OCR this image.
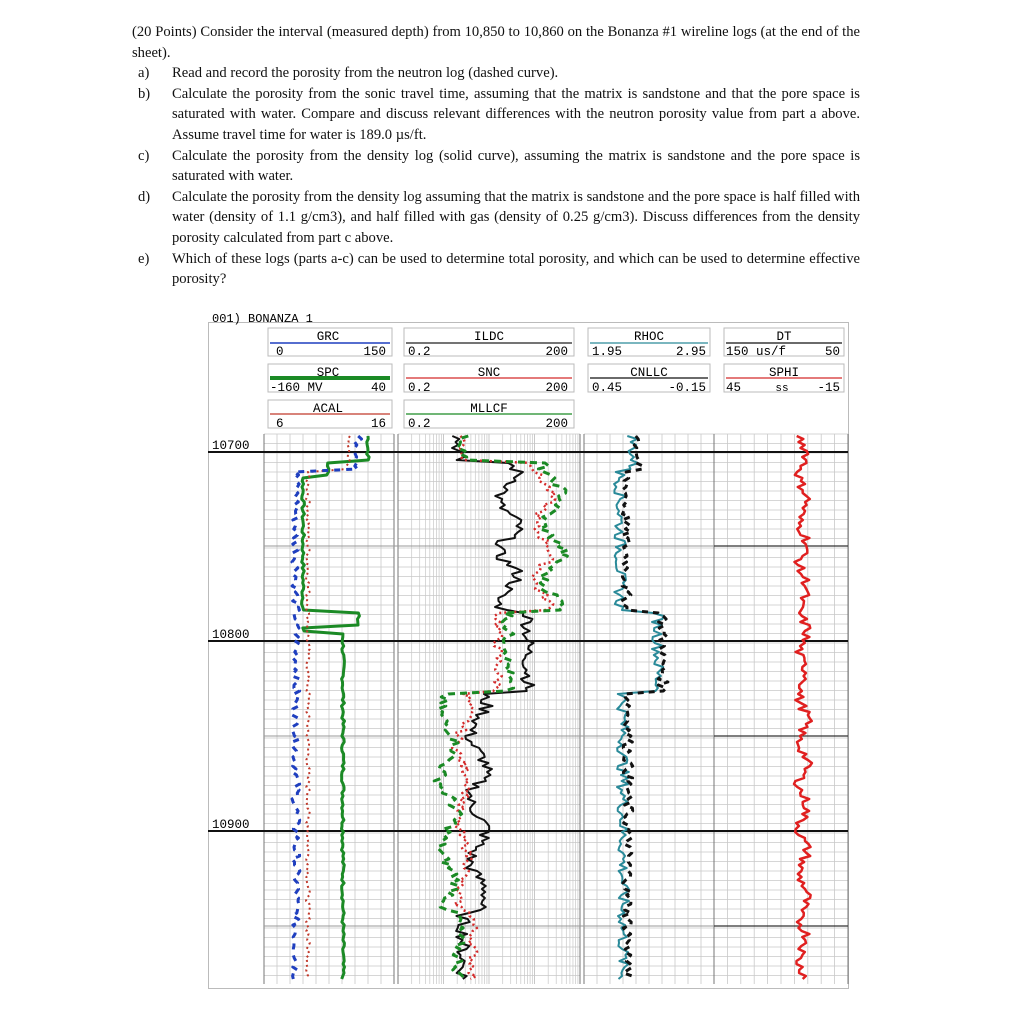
(20 Points) Consider the interval (measured depth) from 10,850 to 10,860 on the Bonanza #1 wireline logs (at the end of the sheet).

a) Read and record the porosity from the neutron log (dashed curve).
b) Calculate the porosity from the sonic travel time, assuming that the matrix is sandstone and that the pore space is saturated with water. Compare and discuss relevant differences with the neutron porosity value from part a above. Assume travel time for water is 189.0 µs/ft.
c) Calculate the porosity from the density log (solid curve), assuming the matrix is sandstone and the pore space is saturated with water.
d) Calculate the porosity from the density log assuming that the matrix is sandstone and the pore space is half filled with water (density of 1.1 g/cm3), and half filled with gas (density of 0.25 g/cm3). Discuss differences from the density porosity calculated from part c above.
e) Which of these logs (parts a-c) can be used to determine total porosity, and which can be used to determine effective porosity?
001) BONANZA 1
GRC
0	150
SPC
-160 MV	40
ACAL
6	16
ILDC
0.2	200
SNC
0.2	200
MLLCF
0.2	200
RHOC
1.95	2.95
CNLLC
0.45	-0.15
DT
150 us/f	50
SPHI
45	ss -15
10700
10800
10900
